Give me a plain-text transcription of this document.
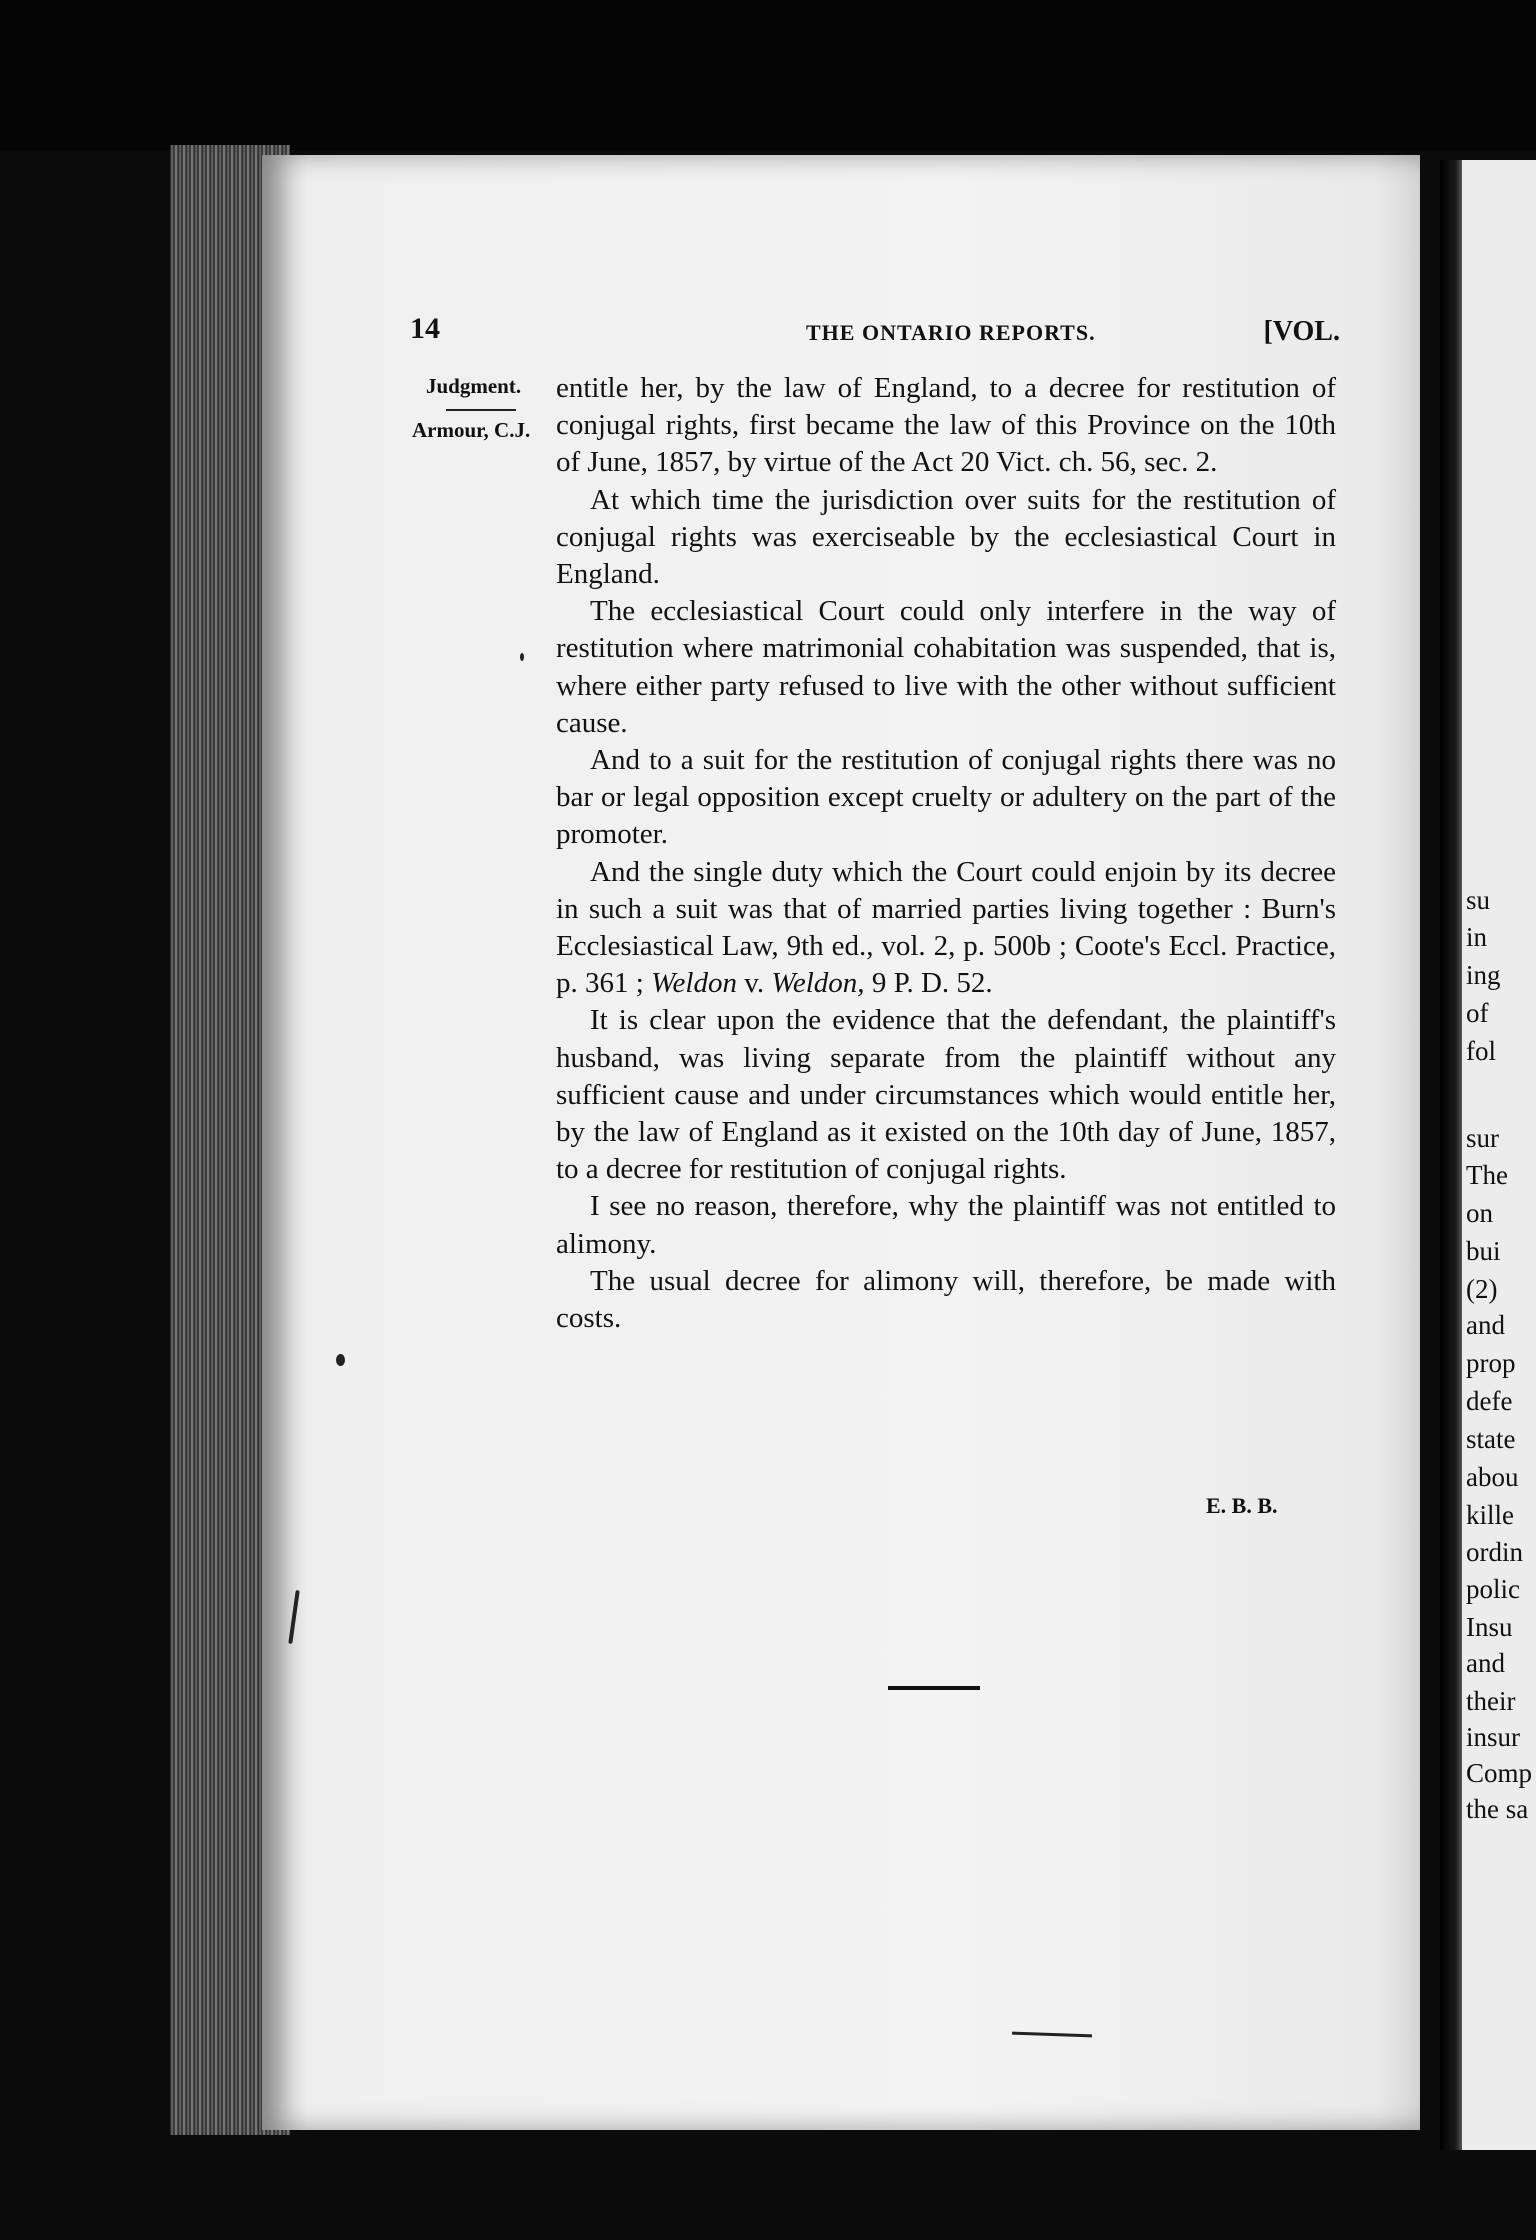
14	THE ONTARIO REPORTS.	[VOL.
Judgment.
Armour, C.J.

entitle her, by the law of England, to a decree for restitution of conjugal rights, first became the law of this Province on the 10th of June, 1857, by virtue of the Act 20 Vict. ch. 56, sec. 2.

At which time the jurisdiction over suits for the restitution of conjugal rights was exerciseable by the ecclesiastical Court in England.

The ecclesiastical Court could only interfere in the way of restitution where matrimonial cohabitation was suspended, that is, where either party refused to live with the other without sufficient cause.

And to a suit for the restitution of conjugal rights there was no bar or legal opposition except cruelty or adultery on the part of the promoter.

And the single duty which the Court could enjoin by its decree in such a suit was that of married parties living together : Burn's Ecclesiastical Law, 9th ed., vol. 2, p. 500b ; Coote's Eccl. Practice, p. 361 ; Weldon v. Weldon, 9 P. D. 52.

It is clear upon the evidence that the defendant, the plaintiff's husband, was living separate from the plaintiff without any sufficient cause and under circumstances which would entitle her, by the law of England as it existed on the 10th day of June, 1857, to a decree for restitution of conjugal rights.

I see no reason, therefore, why the plaintiff was not entitled to alimony.

The usual decree for alimony will, therefore, be made with costs.

E. B. B.
su
in
ing
of
fol
sur
The
on
bui
(2)
and
prop
defe
state
abou
kille
ordin
polic
Insu
and
their
insur
Comp
the sa
